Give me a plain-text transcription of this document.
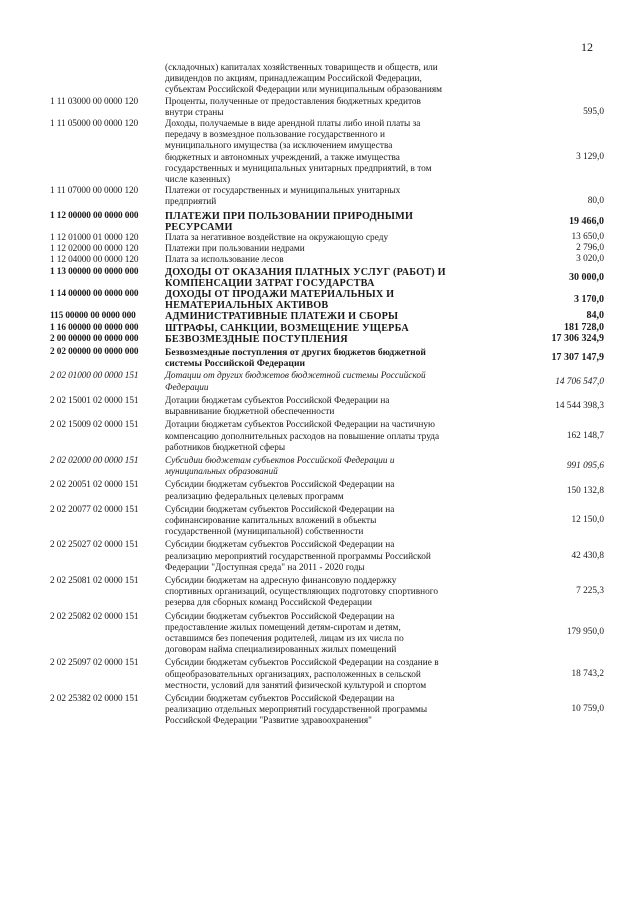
12
(складочных) капиталах хозяйственных товариществ и обществ, или
дивидендов по акциям, принадлежащим Российской Федерации,
субъектам Российской Федерации или муниципальным образованиям
1 11 03000 00 0000 120	Проценты, полученные от предоставления бюджетных кредитов
внутри страны	595,0
1 11 05000 00 0000 120	Доходы, получаемые в виде арендной платы либо иной платы за
передачу в возмездное пользование государственного и
муниципального имущества (за исключением имущества
бюджетных и автономных учреждений, а также имущества
государственных и муниципальных унитарных предприятий, в том
числе казенных)
3 129,0
1 11 07000 00 0000 120	Платежи от государственных и муниципальных унитарных
предприятий	80,0
1 12 00000 00 0000 000	ПЛАТЕЖИ ПРИ ПОЛЬЗОВАНИИ ПРИРОДНЫМИ
РЕСУРСАМИ
19 466,0
1 12 01000 01 0000 120	Плата за негативное воздействие на окружающую среду	13 650,0
1 12 02000 00 0000 120	Платежи при пользовании недрами	2 796,0
1 12 04000 00 0000 120	Плата за использование лесов	3 020,0
1 13 00000 00 0000 000	ДОХОДЫ ОТ ОКАЗАНИЯ ПЛАТНЫХ УСЛУГ (РАБОТ) И
КОМПЕНСАЦИИ ЗАТРАТ ГОСУДАРСТВА
30 000,0
1 14 00000 00 0000 000	ДОХОДЫ ОТ ПРОДАЖИ МАТЕРИАЛЬНЫХ И
НЕМАТЕРИАЛЬНЫХ АКТИВОВ
3 170,0
115 00000 00 0000 000	АДМИНИСТРАТИВНЫЕ ПЛАТЕЖИ И СБОРЫ	84,0
1 16 00000 00 0000 000	ШТРАФЫ, САНКЦИИ, ВОЗМЕЩЕНИЕ УЩЕРБА	181 728,0
2 00 00000 00 0000 000	БЕЗВОЗМЕЗДНЫЕ ПОСТУПЛЕНИЯ	17 306 324,9
2 02 00000 00 0000 000	Безвозмездные поступления от других бюджетов бюджетной
системы Российской Федерации
17 307 147,9
2 02 01000 00 0000 151	Дотации от других бюджетов бюджетной системы Российской
Федерации
14 706 547,0
2 02 15001 02 0000 151	Дотации бюджетам субъектов Российской Федерации на
выравнивание бюджетной обеспеченности
14 544 398,3
2 02 15009 02 0000 151	Дотации бюджетам субъектов Российской Федерации на частичную
компенсацию дополнительных расходов на повышение оплаты труда
работников бюджетной сферы
162 148,7
2 02 02000 00 0000 151	Субсидии бюджетам субъектов Российской Федерации и
муниципальных образований
991 095,6
2 02 20051 02 0000 151	Субсидии бюджетам субъектов Российской Федерации на
реализацию федеральных целевых программ
150 132,8
2 02 20077 02 0000 151	Субсидии бюджетам субъектов Российской Федерации на
софинансирование капитальных вложений в объекты
государственной (муниципальной) собственности
12 150,0
2 02 25027 02 0000 151	Субсидии бюджетам субъектов Российской Федерации на
реализацию мероприятий государственной программы Российской
Федерации "Доступная среда" на 2011 - 2020 годы
42 430,8
2 02 25081 02 0000 151	Субсидии бюджетам на адресную финансовую поддержку
спортивных организаций, осуществляющих подготовку спортивного
резерва для сборных команд Российской Федерации
7 225,3
2 02 25082 02 0000 151	Субсидии бюджетам субъектов Российской Федерации на
предоставление жилых помещений детям-сиротам и детям,
оставшимся без попечения родителей, лицам из их числа по
договорам найма специализированных жилых помещений
179 950,0
2 02 25097 02 0000 151	Субсидии бюджетам субъектов Российской Федерации на создание в
общеобразовательных организациях, расположенных в сельской
местности, условий для занятий физической культурой и спортом
18 743,2
2 02 25382 02 0000 151	Субсидии бюджетам субъектов Российской Федерации на
реализацию отдельных мероприятий государственной программы
Российской Федерации "Развитие здравоохранения"
10 759,0
